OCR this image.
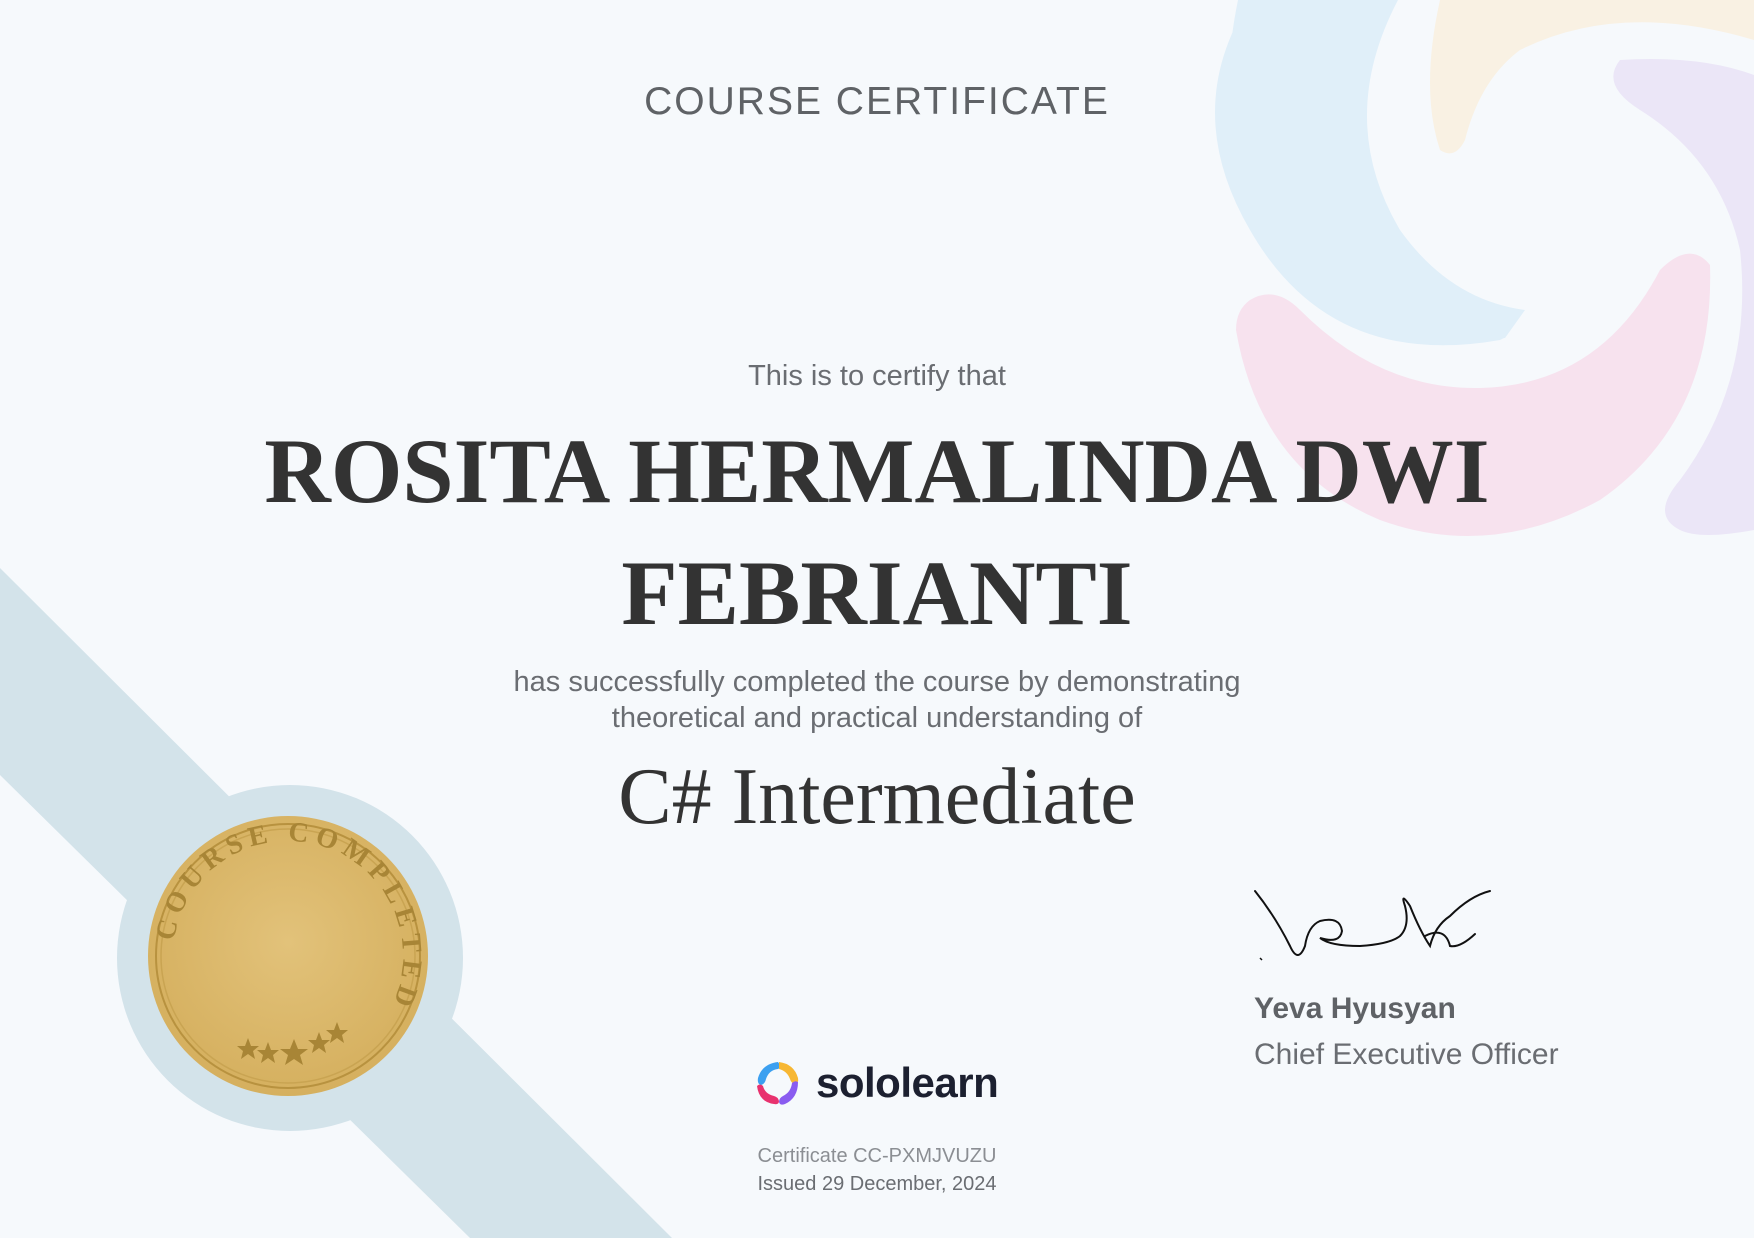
COURSE CERTIFICATE
This is to certify that
ROSITA HERMALINDA DWI
FEBRIANTI
has successfully completed the course by demonstrating
theoretical and practical understanding of
C# Intermediate
COURSE COMPLETED	Yeva Hyusyan
Chief Executive Officer
sololearn
Certificate CC-PXMJVUZU
Issued 29 December, 2024
